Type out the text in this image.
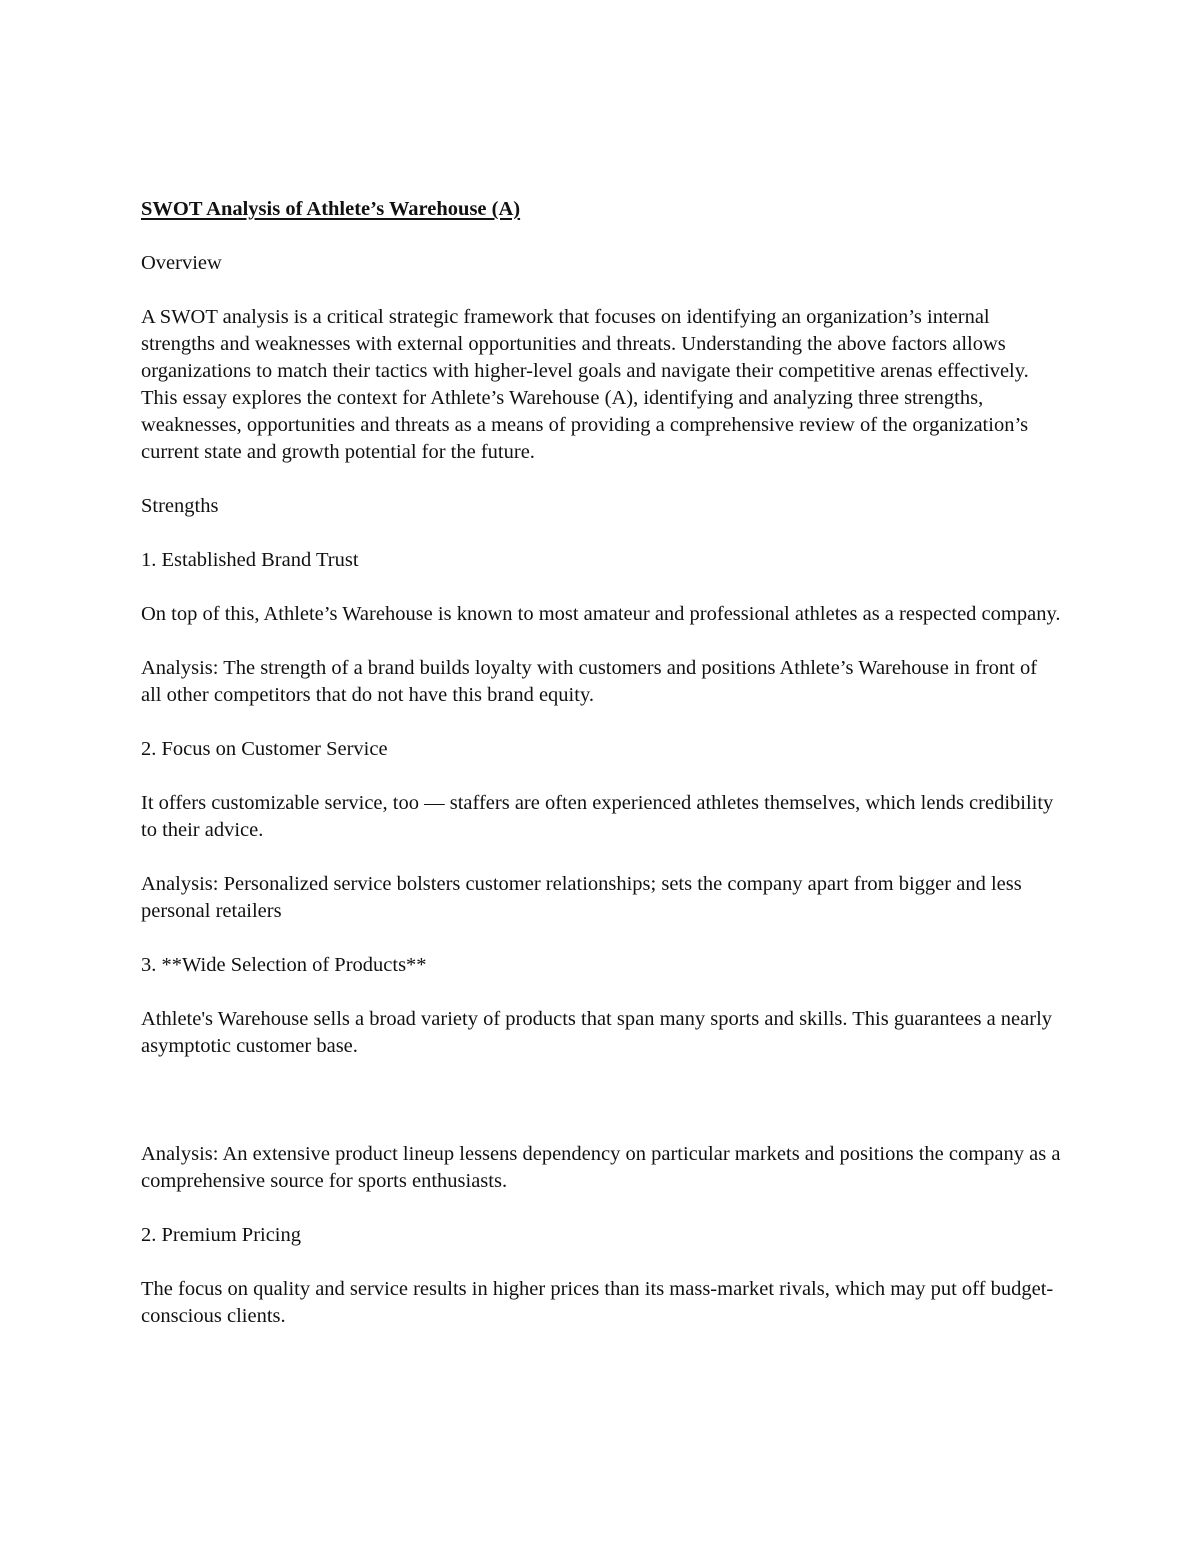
SWOT Analysis of Athlete’s Warehouse (A)

Overview

A SWOT analysis is a critical strategic framework that focuses on identifying an organization’s internal strengths and weaknesses with external opportunities and threats. Understanding the above factors allows organizations to match their tactics with higher-level goals and navigate their competitive arenas effectively. This essay explores the context for Athlete’s Warehouse (A), identifying and analyzing three strengths, weaknesses, opportunities and threats as a means of providing a comprehensive review of the organization’s current state and growth potential for the future.

Strengths

1. Established Brand Trust

On top of this, Athlete’s Warehouse is known to most amateur and professional athletes as a respected company.

Analysis: The strength of a brand builds loyalty with customers and positions Athlete’s Warehouse in front of all other competitors that do not have this brand equity.

2. Focus on Customer Service

It offers customizable service, too — staffers are often experienced athletes themselves, which lends credibility to their advice.

Analysis: Personalized service bolsters customer relationships; sets the company apart from bigger and less personal retailers

3. **Wide Selection of Products**

Athlete's Warehouse sells a broad variety of products that span many sports and skills. This guarantees a nearly asymptotic customer base.

Analysis: An extensive product lineup lessens dependency on particular markets and positions the company as a comprehensive source for sports enthusiasts.

2. Premium Pricing

The focus on quality and service results in higher prices than its mass-market rivals, which may put off budget-conscious clients.
